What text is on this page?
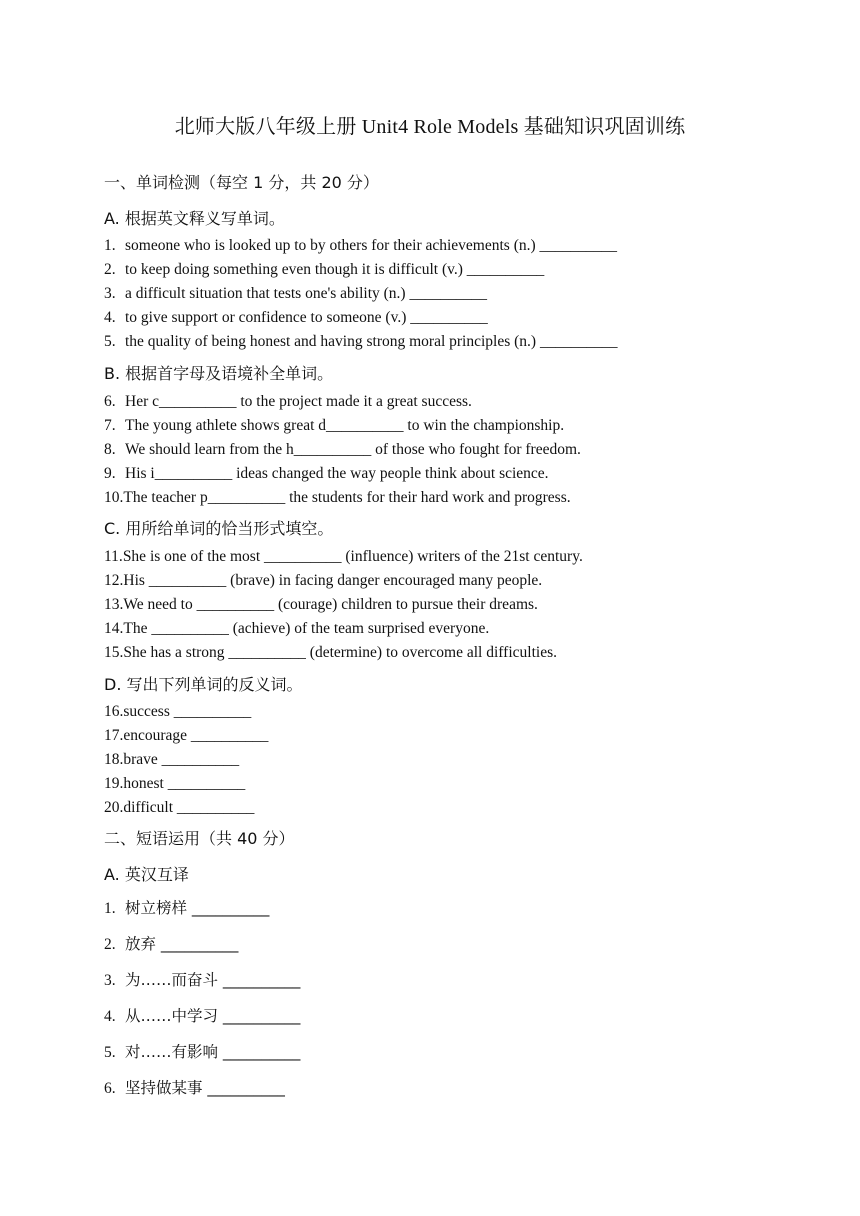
北师大版八年级上册 Unit4 Role Models 基础知识巩固训练
一、单词检测（每空 1 分，共 20 分）
A. 根据英文释义写单词。
1. someone who is looked up to by others for their achievements (n.) __________
2. to keep doing something even though it is difficult (v.) __________
3. a difficult situation that tests one's ability (n.) __________
4. to give support or confidence to someone (v.) __________
5. the quality of being honest and having strong moral principles (n.) __________
B. 根据首字母及语境补全单词。
6. Her c__________ to the project made it a great success.
7. The young athlete shows great d__________ to win the championship.
8. We should learn from the h__________ of those who fought for freedom.
9. His i__________ ideas changed the way people think about science.
10.The teacher p__________ the students for their hard work and progress.
C. 用所给单词的恰当形式填空。
11.She is one of the most __________ (influence) writers of the 21st century.
12.His __________ (brave) in facing danger encouraged many people.
13.We need to __________ (courage) children to pursue their dreams.
14.The __________ (achieve) of the team surprised everyone.
15.She has a strong __________ (determine) to overcome all difficulties.
D. 写出下列单词的反义词。
16.success __________
17.encourage __________
18.brave __________
19.honest __________
20.difficult __________
二、短语运用（共 40 分）
A. 英汉互译
1. 树立榜样 __________
2. 放弃 __________
3. 为……而奋斗 __________
4. 从……中学习 __________
5. 对……有影响 __________
6. 坚持做某事 __________
